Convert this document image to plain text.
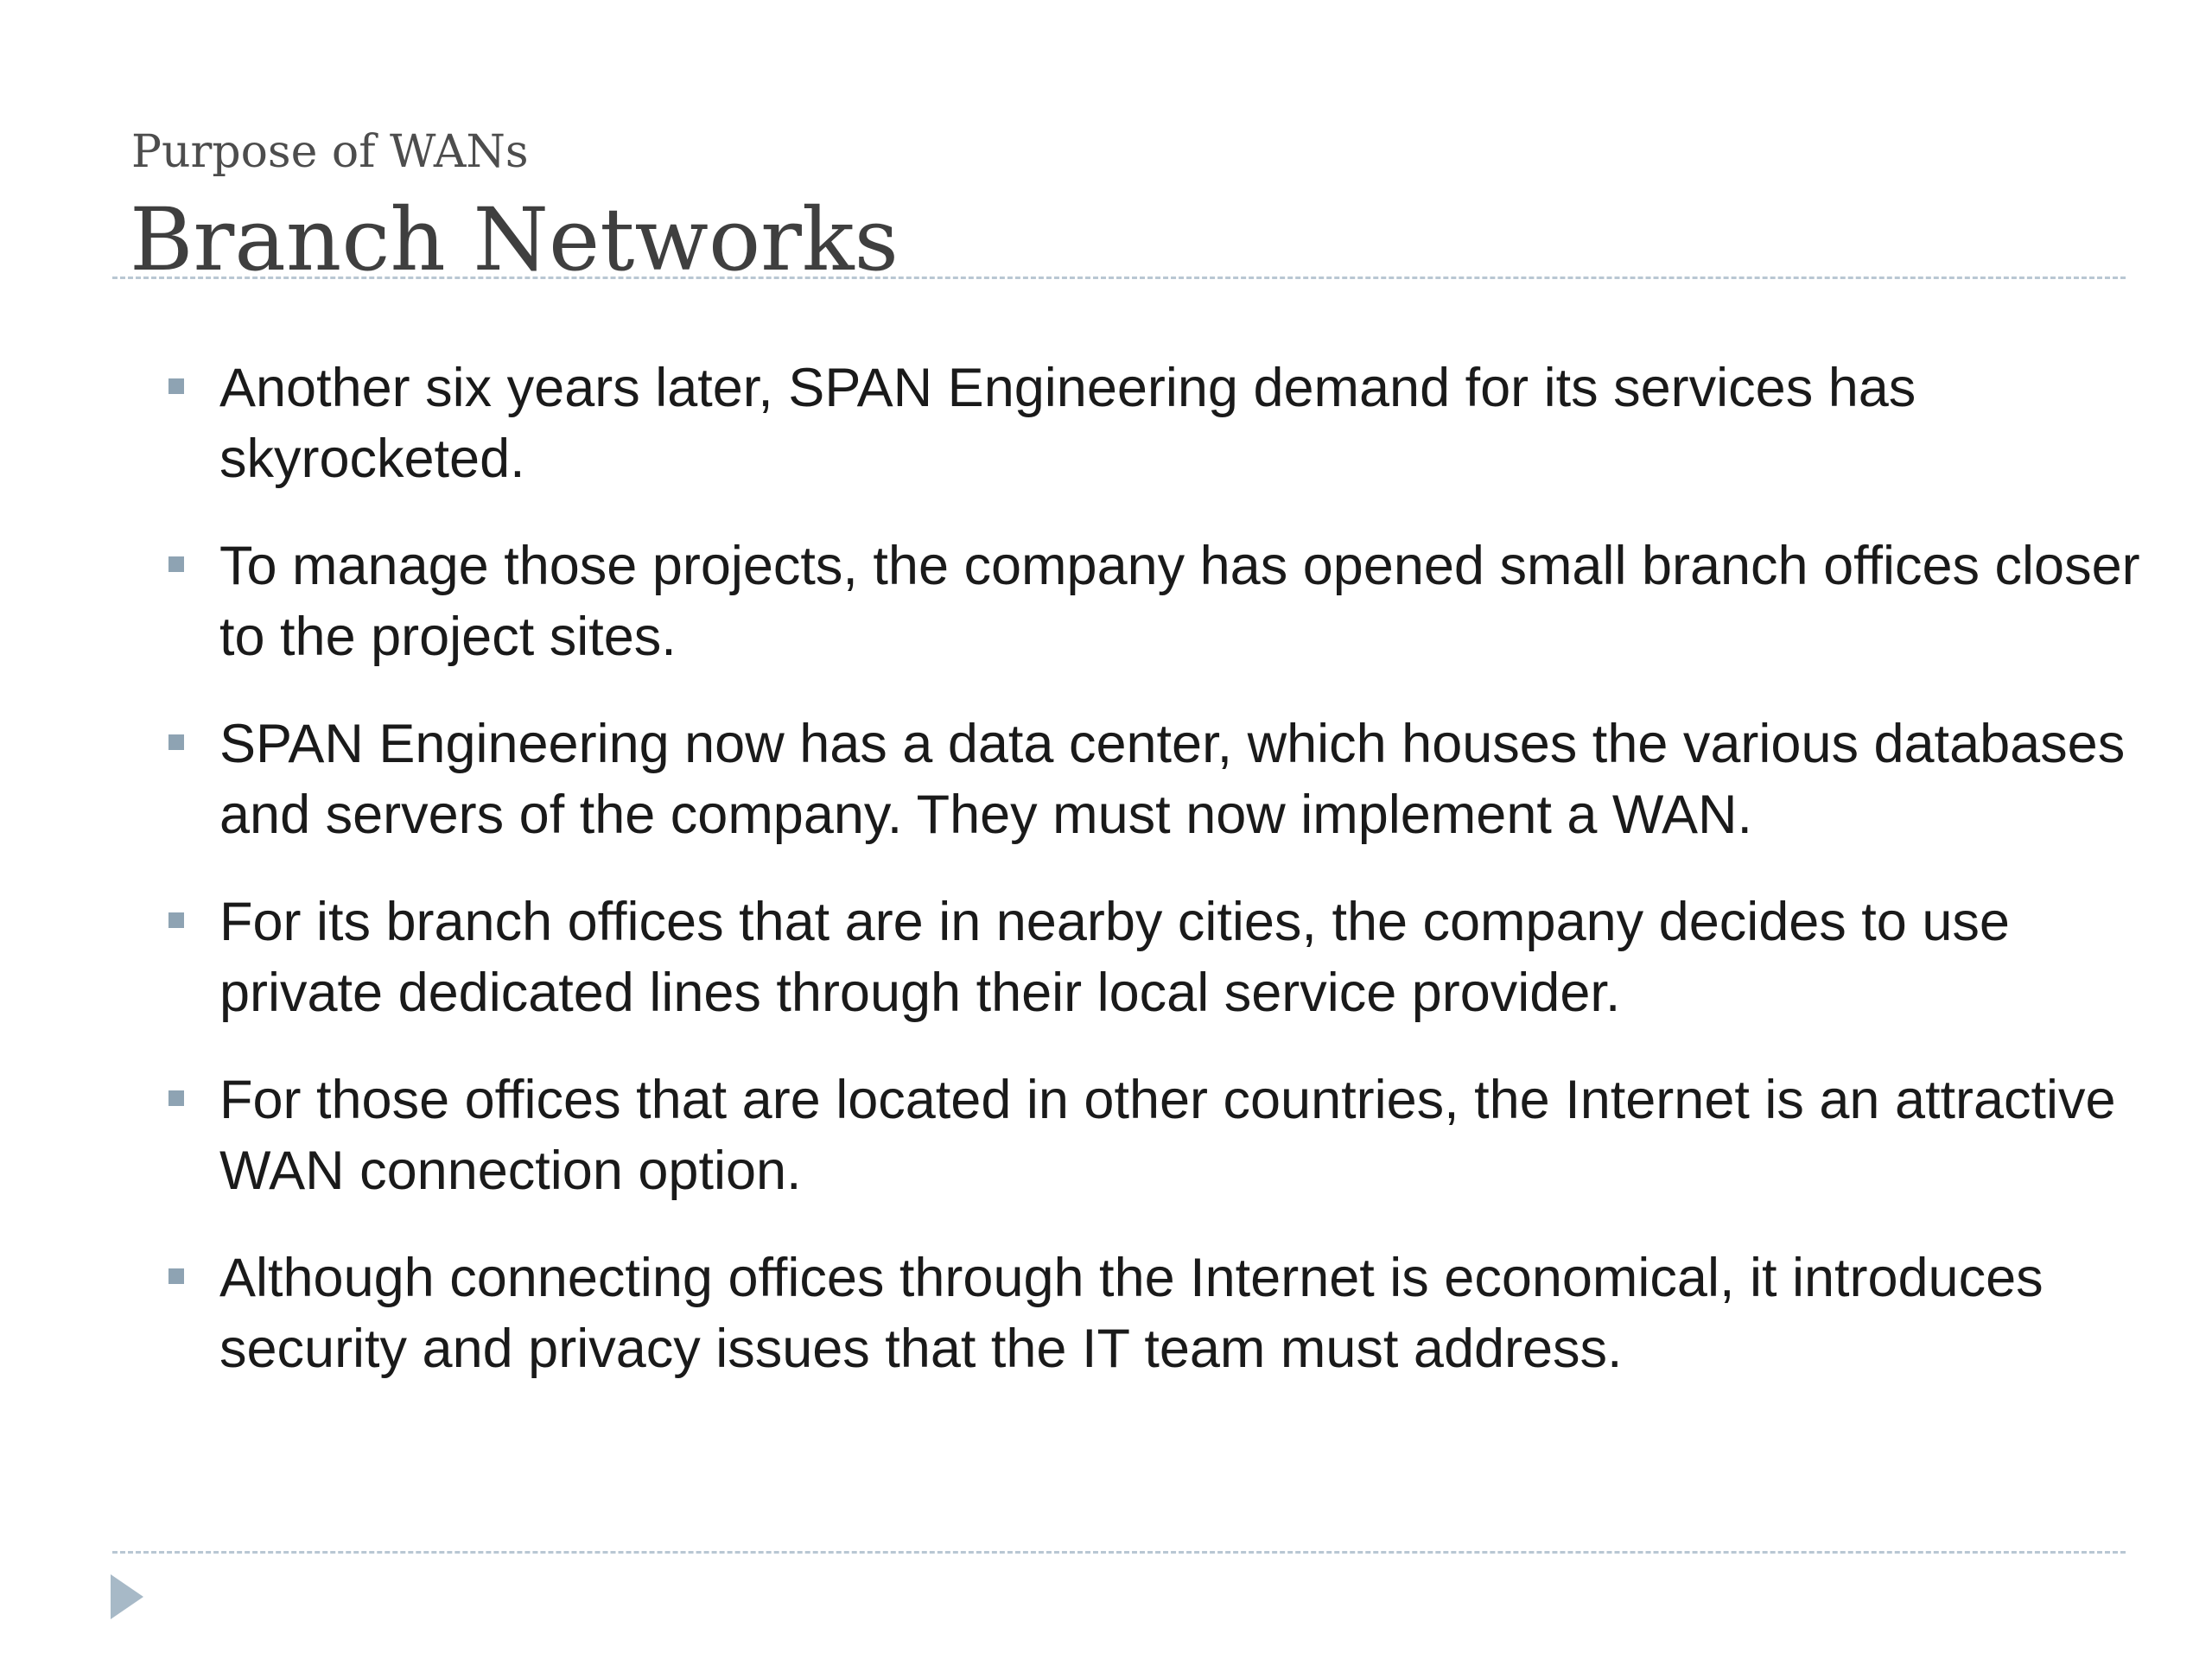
Purpose of WANs
Branch Networks
Another six years later, SPAN Engineering demand for its services has skyrocketed.
To manage those projects, the company has opened small branch offices closer to the project sites.
SPAN Engineering now has a data center, which houses the various databases and servers of the company. They must now implement a WAN.
For its branch offices that are in nearby cities, the company decides to use private dedicated lines through their local service provider.
For those offices that are located in other countries, the Internet is an attractive WAN connection option.
Although connecting offices through the Internet is economical, it introduces security and privacy issues that the IT team must address.
